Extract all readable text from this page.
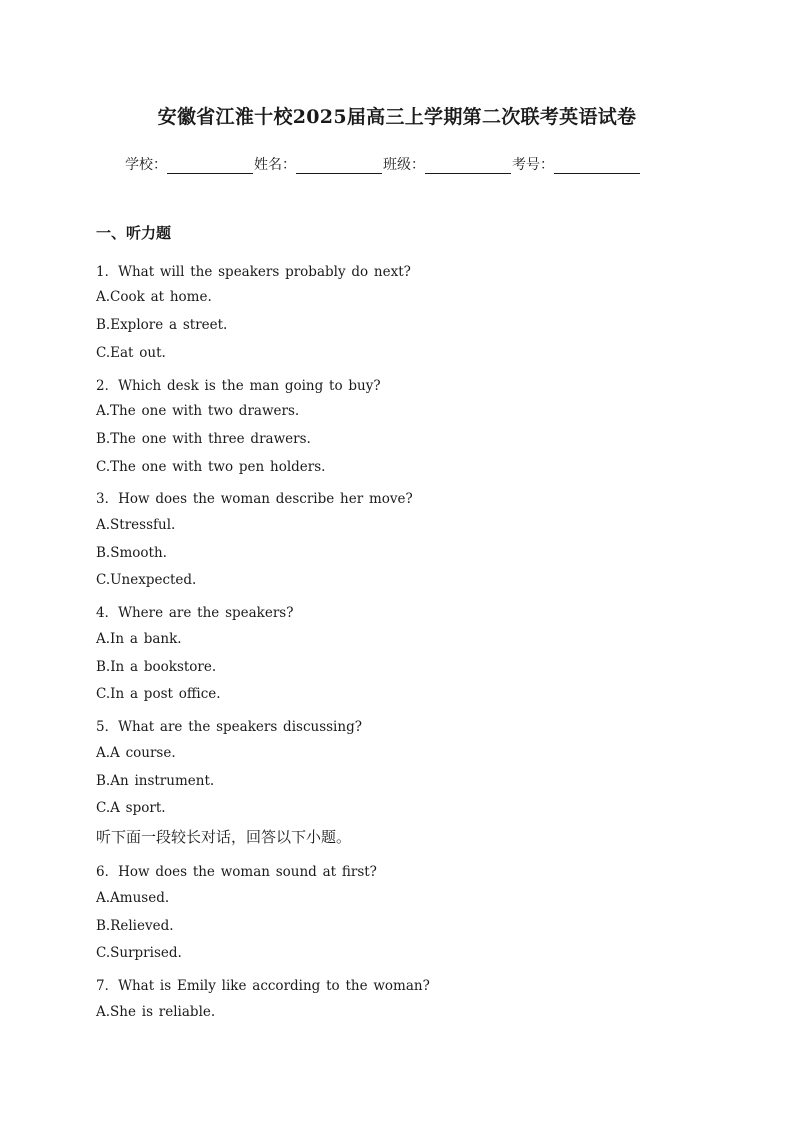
安徽省江淮十校2025届高三上学期第二次联考英语试卷
学校：	姓名：	班级：	考号：
一、听力题
1．What will the speakers probably do next?
A.Cook at home.
B.Explore a street.
C.Eat out.
2．Which desk is the man going to buy?
A.The one with two drawers.
B.The one with three drawers.
C.The one with two pen holders.
3．How does the woman describe her move?
A.Stressful.
B.Smooth.
C.Unexpected.
4．Where are the speakers?
A.In a bank.
B.In a bookstore.
C.In a post office.
5．What are the speakers discussing?
A.A course.
B.An instrument.
C.A sport.
听下面一段较长对话，回答以下小题。
6．How does the woman sound at first?
A.Amused.
B.Relieved.
C.Surprised.
7．What is Emily like according to the woman?
A.She is reliable.
